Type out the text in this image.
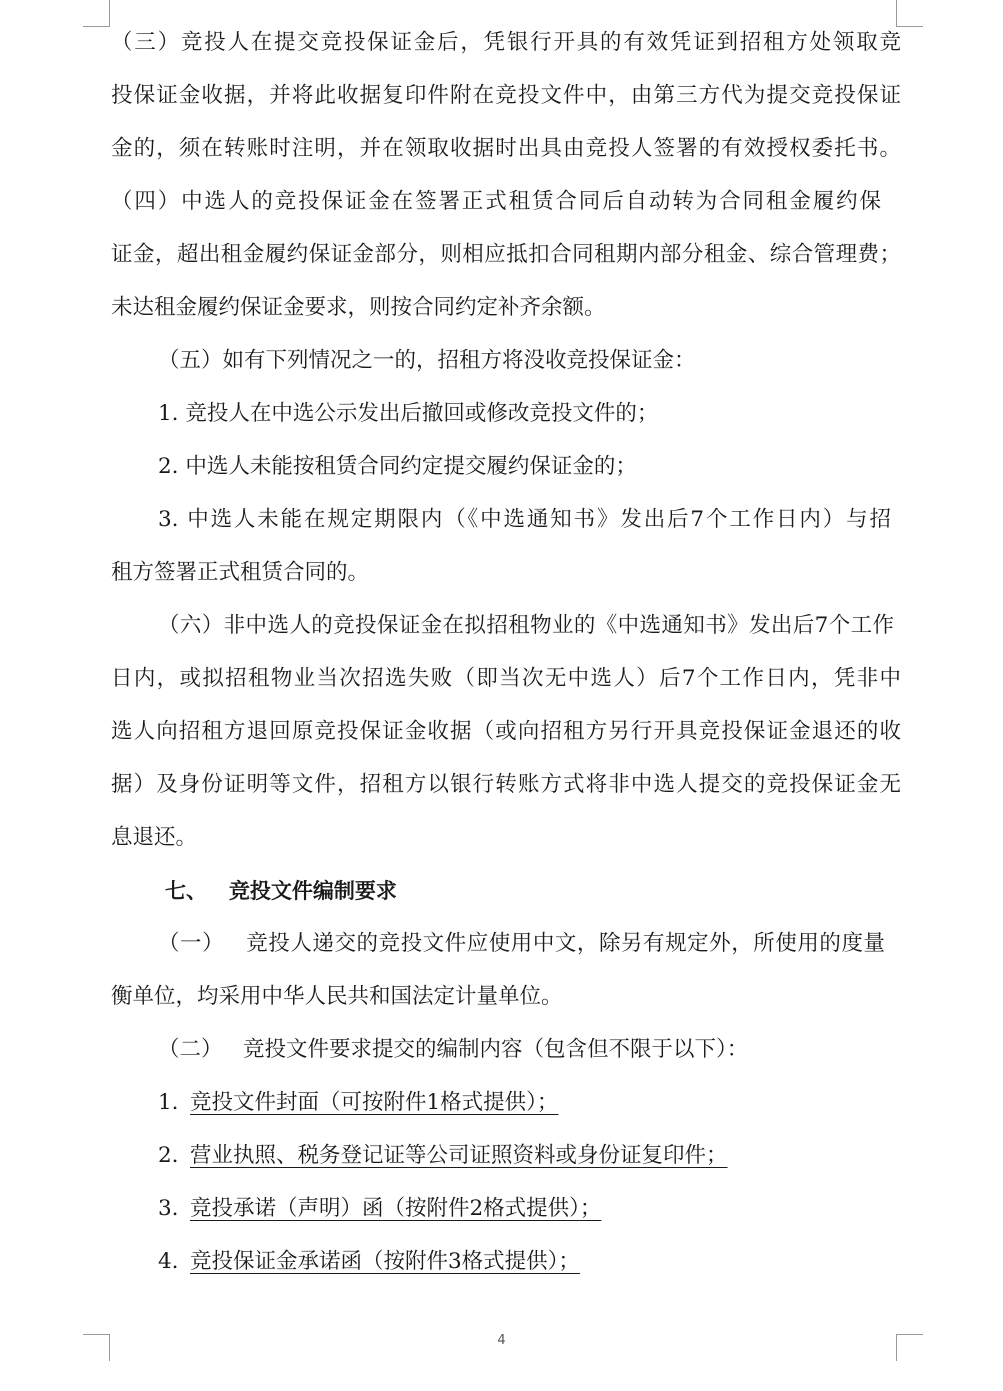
（三）竞投人在提交竞投保证金后，凭银行开具的有效凭证到招租方处领取竞
投保证金收据，并将此收据复印件附在竞投文件中，由第三方代为提交竞投保证
金的，须在转账时注明，并在领取收据时出具由竞投人签署的有效授权委托书。
（四）中选人的竞投保证金在签署正式租赁合同后自动转为合同租金履约保
证金，超出租金履约保证金部分，则相应抵扣合同租期内部分租金、综合管理费；
未达租金履约保证金要求，则按合同约定补齐余额。
（五）如有下列情况之一的，招租方将没收竞投保证金：
1. 竞投人在中选公示发出后撤回或修改竞投文件的；
2. 中选人未能按租赁合同约定提交履约保证金的；
3. 中选人未能在规定期限内（《中选通知书》发出后7个工作日内）与招
租方签署正式租赁合同的。
（六）非中选人的竞投保证金在拟招租物业的《中选通知书》发出后7个工作
日内，或拟招租物业当次招选失败（即当次无中选人）后7个工作日内，凭非中
选人向招租方退回原竞投保证金收据（或向招租方另行开具竞投保证金退还的收
据）及身份证明等文件，招租方以银行转账方式将非中选人提交的竞投保证金无
息退还。
七、   竞投文件编制要求
（一）   竞投人递交的竞投文件应使用中文，除另有规定外，所使用的度量
衡单位，均采用中华人民共和国法定计量单位。
（二）   竞投文件要求提交的编制内容（包含但不限于以下）：
1. 竞投文件封面（可按附件1格式提供）；
2. 营业执照、税务登记证等公司证照资料或身份证复印件；
3. 竞投承诺（声明）函（按附件2格式提供）；
4. 竞投保证金承诺函（按附件3格式提供）；
4
